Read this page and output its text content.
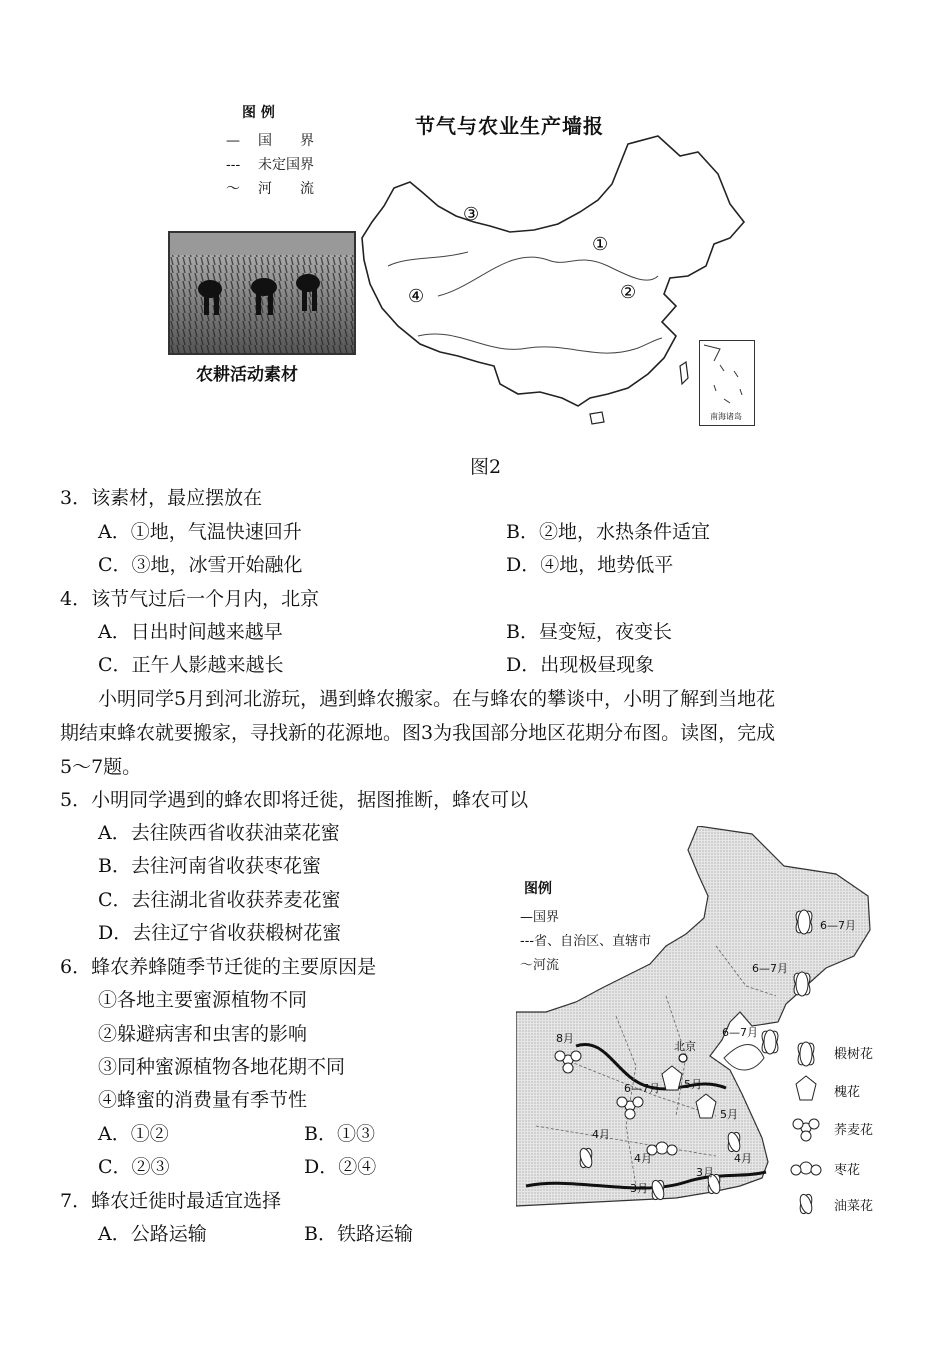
图 例
— 国　　界
--- 未定国界
～ 河　　流
节气与农业生产墙报
农耕活动素材
③
①
②
④
南海诸岛
图2
3．该素材，最应摆放在
A．①地，气温快速回升	B．②地，水热条件适宜
C．③地，冰雪开始融化	D．④地，地势低平
4．该节气过后一个月内，北京
A．日出时间越来越早	B．昼变短，夜变长
C．正午人影越来越长	D．出现极昼现象
小明同学5月到河北游玩，遇到蜂农搬家。在与蜂农的攀谈中，小明了解到当地花
期结束蜂农就要搬家，寻找新的花源地。图3为我国部分地区花期分布图。读图，完成
5～7题。
5．小明同学遇到的蜂农即将迁徙，据图推断，蜂农可以
A．去往陕西省收获油菜花蜜
B．去往河南省收获枣花蜜
C．去往湖北省收获荞麦花蜜
D．去往辽宁省收获椴树花蜜
6．蜂农养蜂随季节迁徙的主要原因是
①各地主要蜜源植物不同
②躲避病害和虫害的影响
③同种蜜源植物各地花期不同
④蜂蜜的消费量有季节性
A．①②	B．①③
C．②③	D．②④
7．蜂农迁徙时最适宜选择
A．公路运输	B．铁路运输
6—7月
6—7月
6—7月
8月
6—7月 5月
5月
4月
4月
3月
4月
3月
北京
椴树花
槐花
荞麦花
枣花
油菜花
图例
—国界
---省、自治区、直辖市
～河流
